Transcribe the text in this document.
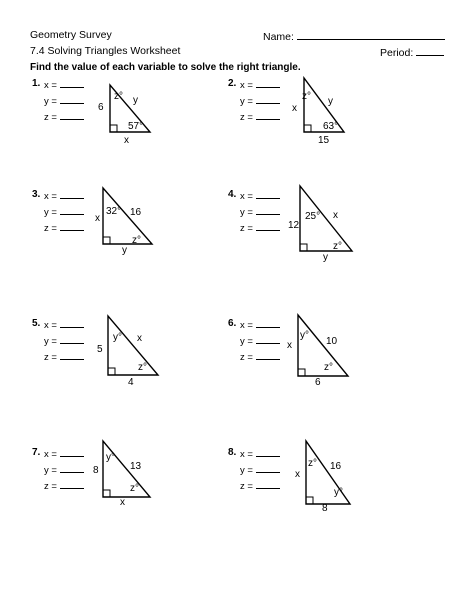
Geometry Survey	Name:
7.4 Solving Triangles Worksheet	Period:
Find the value of each variable to solve the right triangle.
1. x =
y =
z =
6
y
x
z°
57°
2. x =
y =
z =
x
y
15
z°
63°
3. x =
y =
z =
x
16
y
32°
z°
4. x =
y =
z =	12
x
y
25°
z°
5. x =
y =
z =
5
x
4
y°
z°
6. x =
y =
z =
x	10
6
y°
z°
7. x =
y =
z =
8	13
x
y°
z°
8. x =
y =
z =
x
16
8
z°
y°
